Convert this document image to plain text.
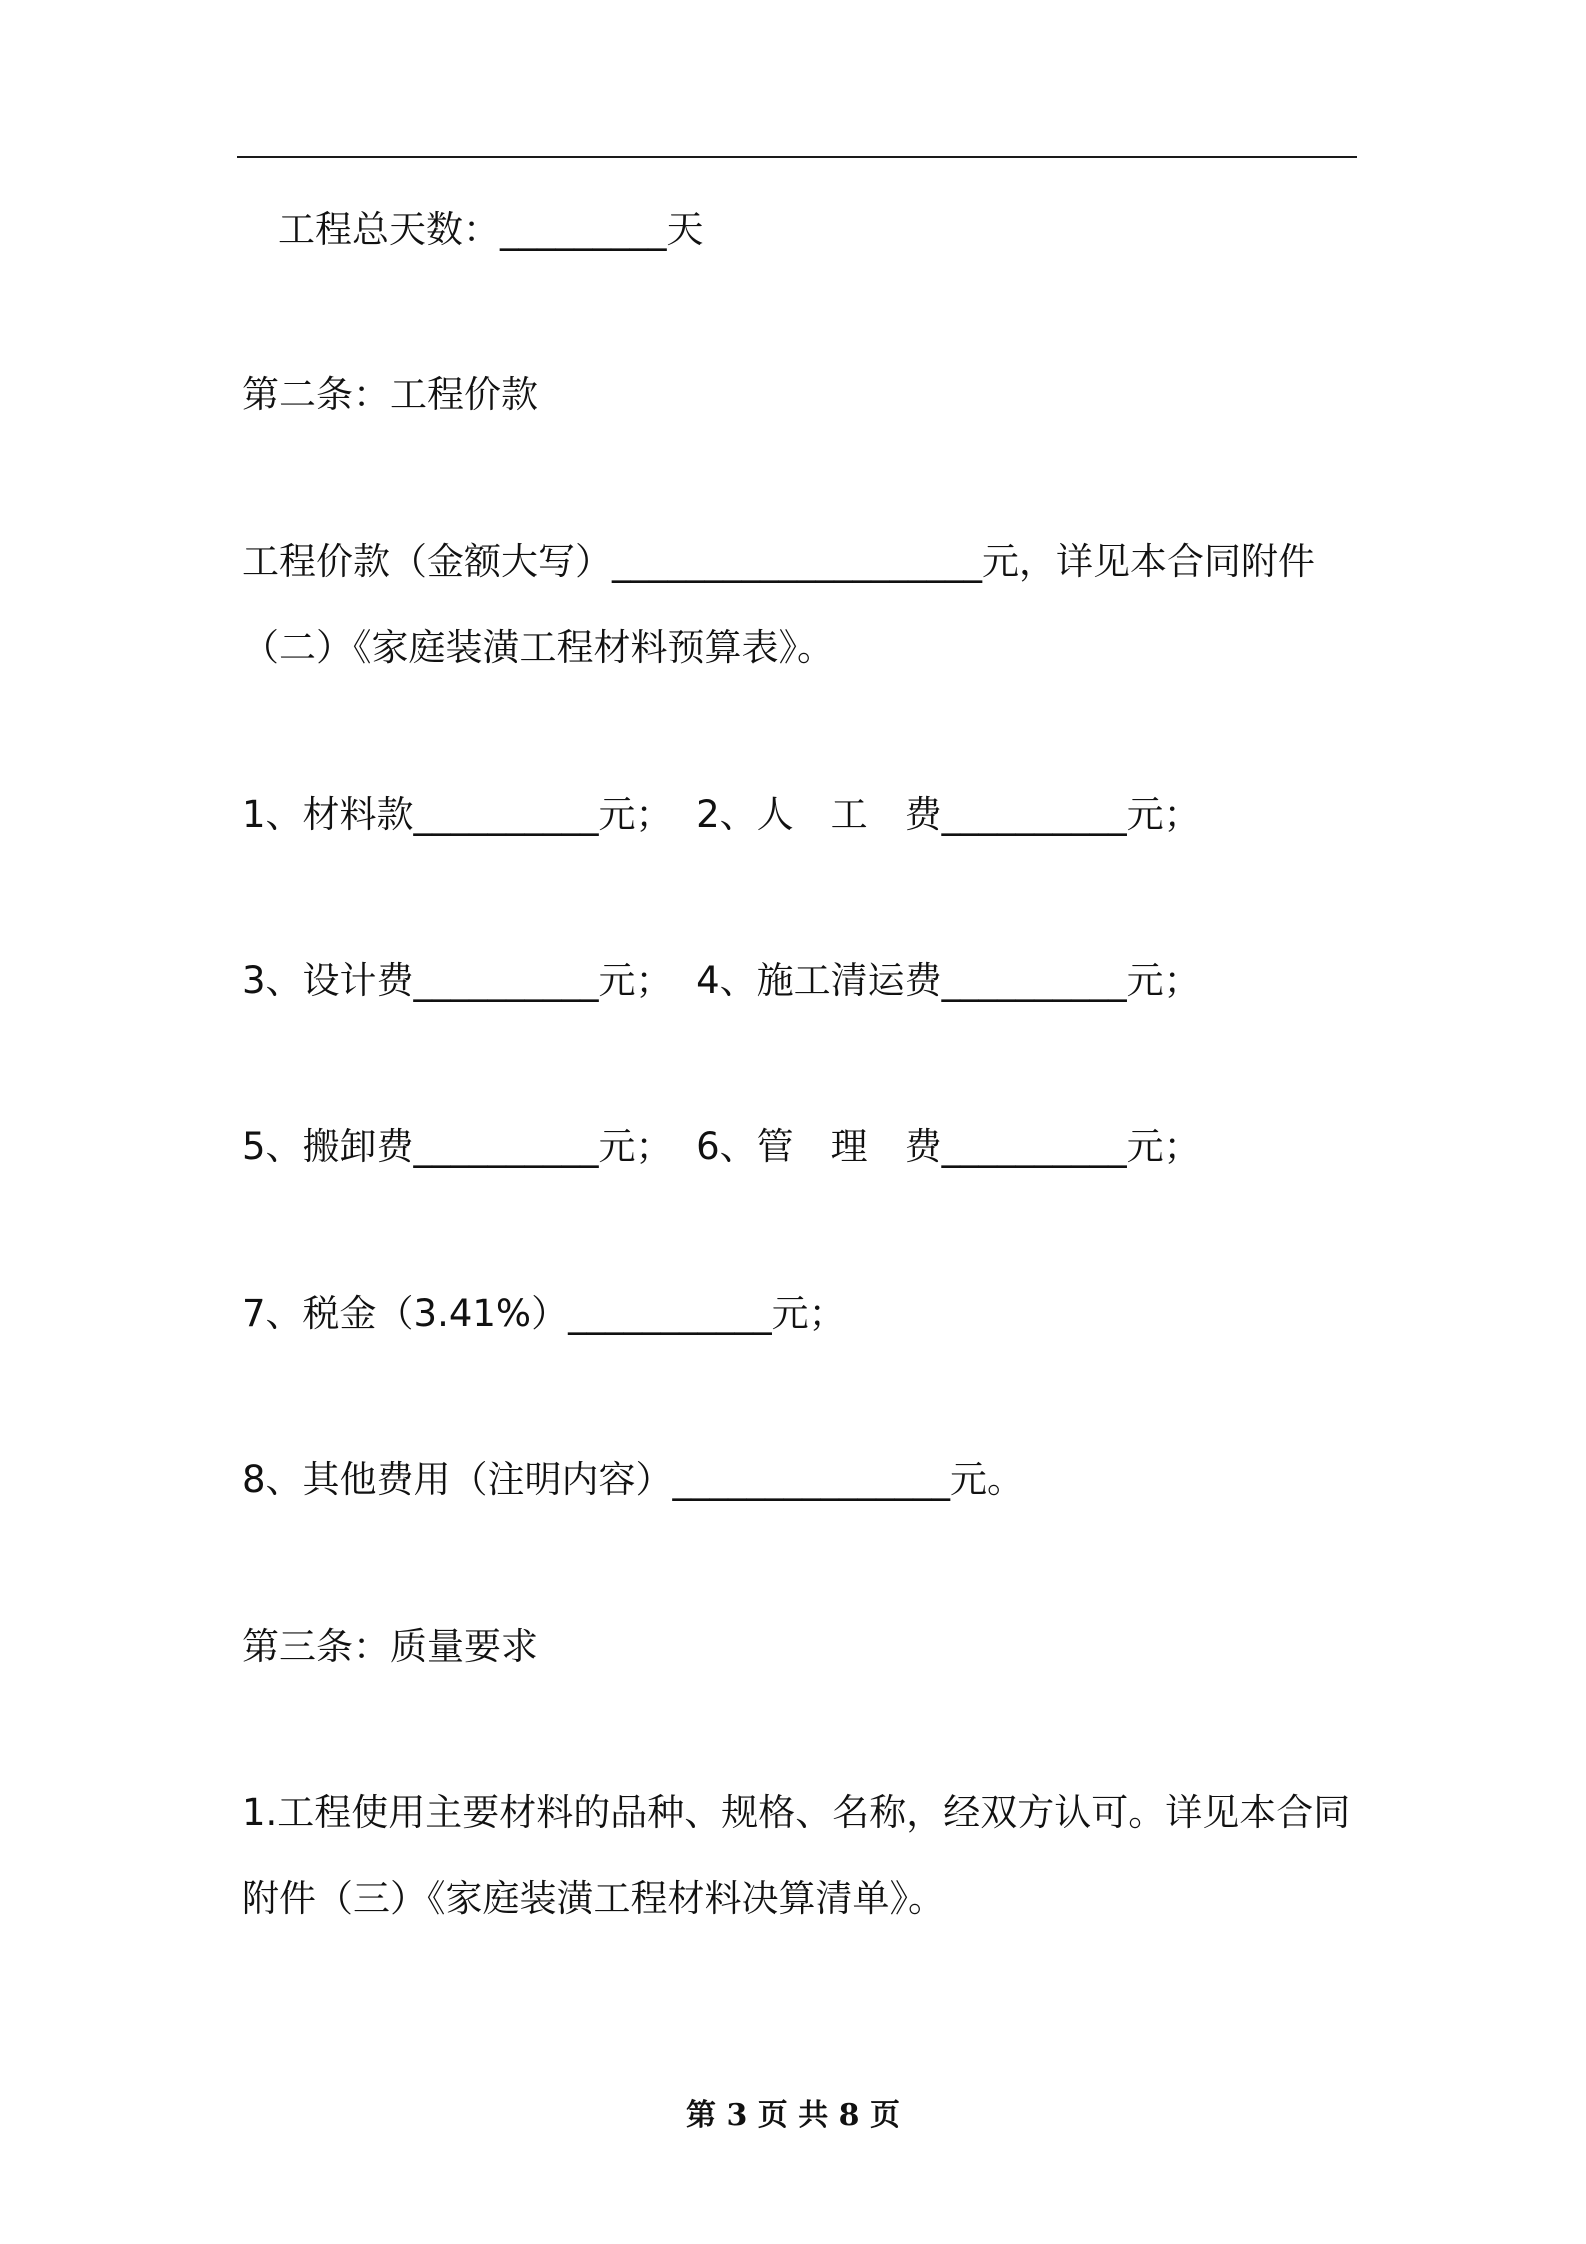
工程总天数：_________天
第二条：工程价款
工程价款（金额大写）____________________元，详见本合同附件
（二）《家庭装潢工程材料预算表》。
1、材料款__________元；  2、人　工　费__________元；
3、设计费__________元；  4、施工清运费__________元；
5、搬卸费__________元；  6、管　理　费__________元；
7、税金（3.41%）___________元；
8、其他费用（注明内容）_______________元。
第三条：质量要求
1.工程使用主要材料的品种、规格、名称，经双方认可。详见本合同
附件（三）《家庭装潢工程材料决算清单》。
第 3 页 共 8 页
